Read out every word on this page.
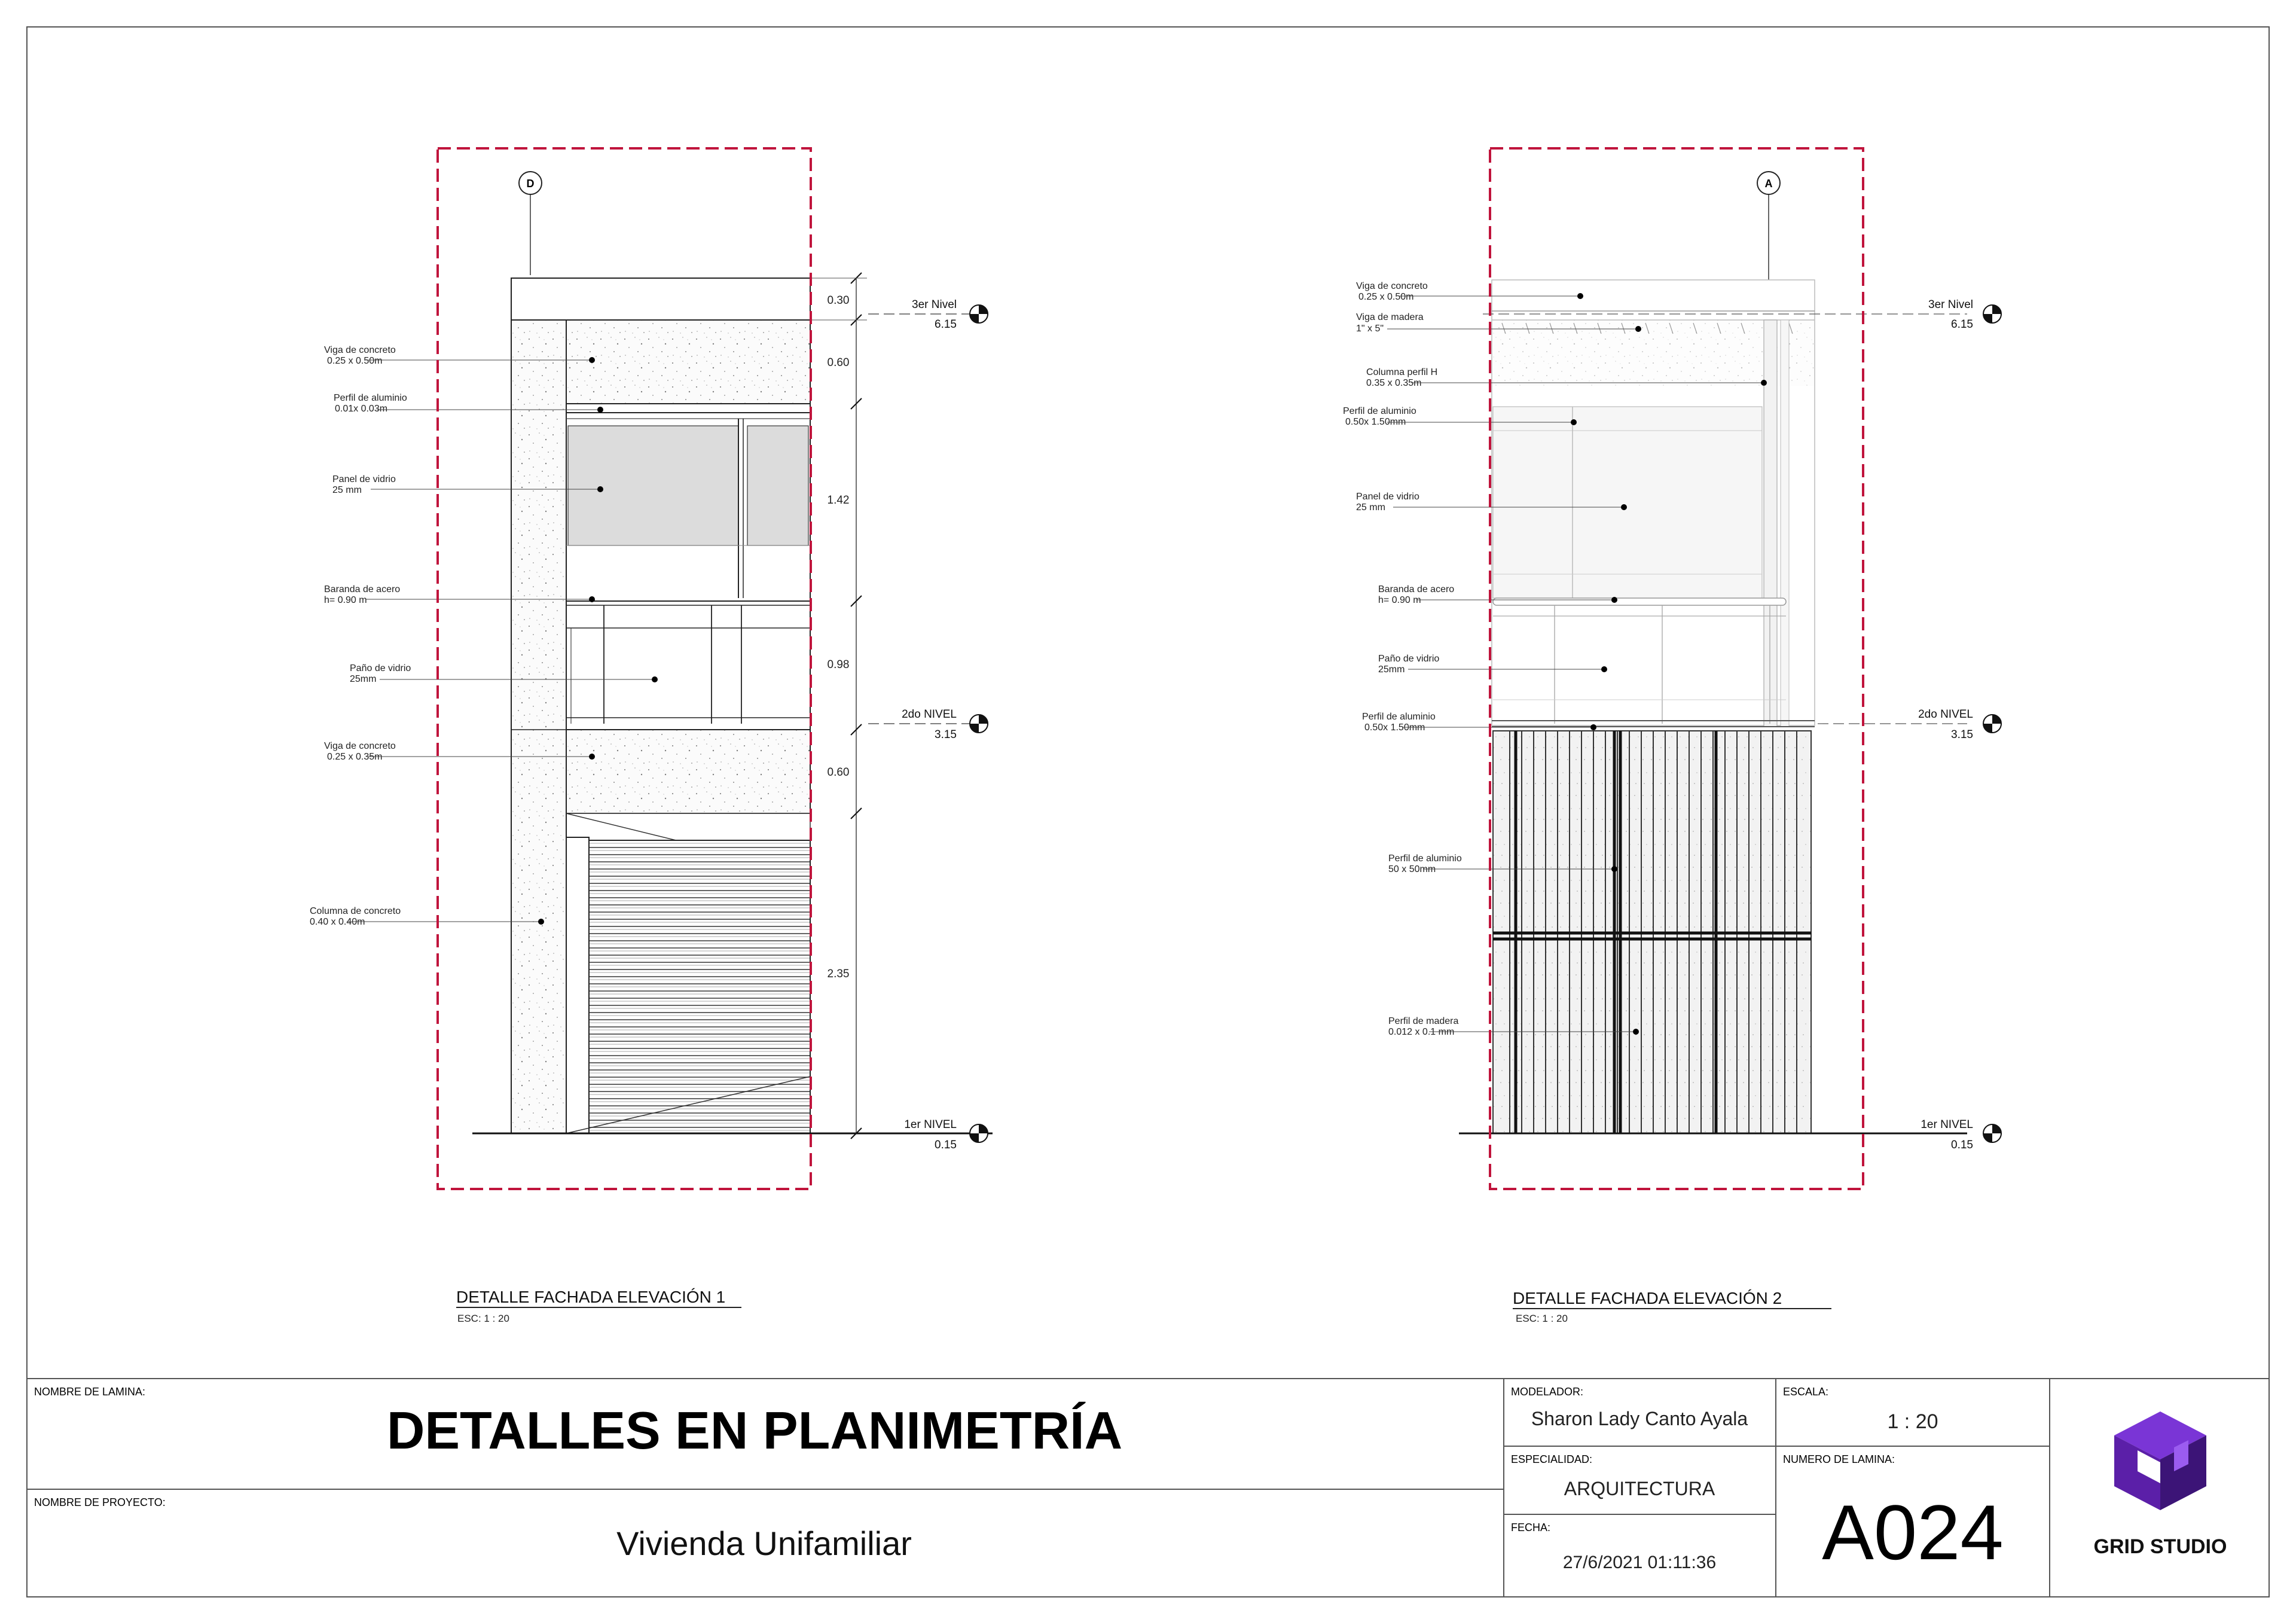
D
0.30
0.60
1.42
0.98
0.60
2.35
3er Nivel
6.15
2do NIVEL
3.15
1er NIVEL
0.15
Viga de concreto
0.25 x 0.50m
Perfil de aluminio
0.01x 0.03m
Panel de vidrio
25 mm
Baranda de acero
h= 0.90 m
Paño de vidrio
25mm
Viga de concreto
0.25 x 0.35m
Columna de concreto
0.40 x 0.40m
DETALLE FACHADA ELEVACIÓN 1
ESC: 1 : 20
A
3er Nivel
6.15
2do NIVEL
3.15
1er NIVEL
0.15
Viga de concreto
0.25 x 0.50m
Viga de madera
1" x 5"
Columna perfil H
0.35 x 0.35m
Perfil de aluminio
0.50x 1.50mm
Panel de vidrio
25 mm
Baranda de acero
h= 0.90 m
Paño de vidrio
25mm
Perfil de aluminio
0.50x 1.50mm
Perfil de aluminio
50 x 50mm
Perfil de madera
0.012 x 0.1 mm
DETALLE FACHADA ELEVACIÓN 2
ESC: 1 : 20
NOMBRE DE LAMINA:
DETALLES EN PLANIMETRÍA
NOMBRE DE PROYECTO:
Vivienda Unifamiliar
MODELADOR:
Sharon Lady Canto Ayala
ESPECIALIDAD:
ARQUITECTURA
FECHA:
27/6/2021 01:11:36
ESCALA:
1 : 20
NUMERO DE LAMINA:
A024	GRID STUDIO
